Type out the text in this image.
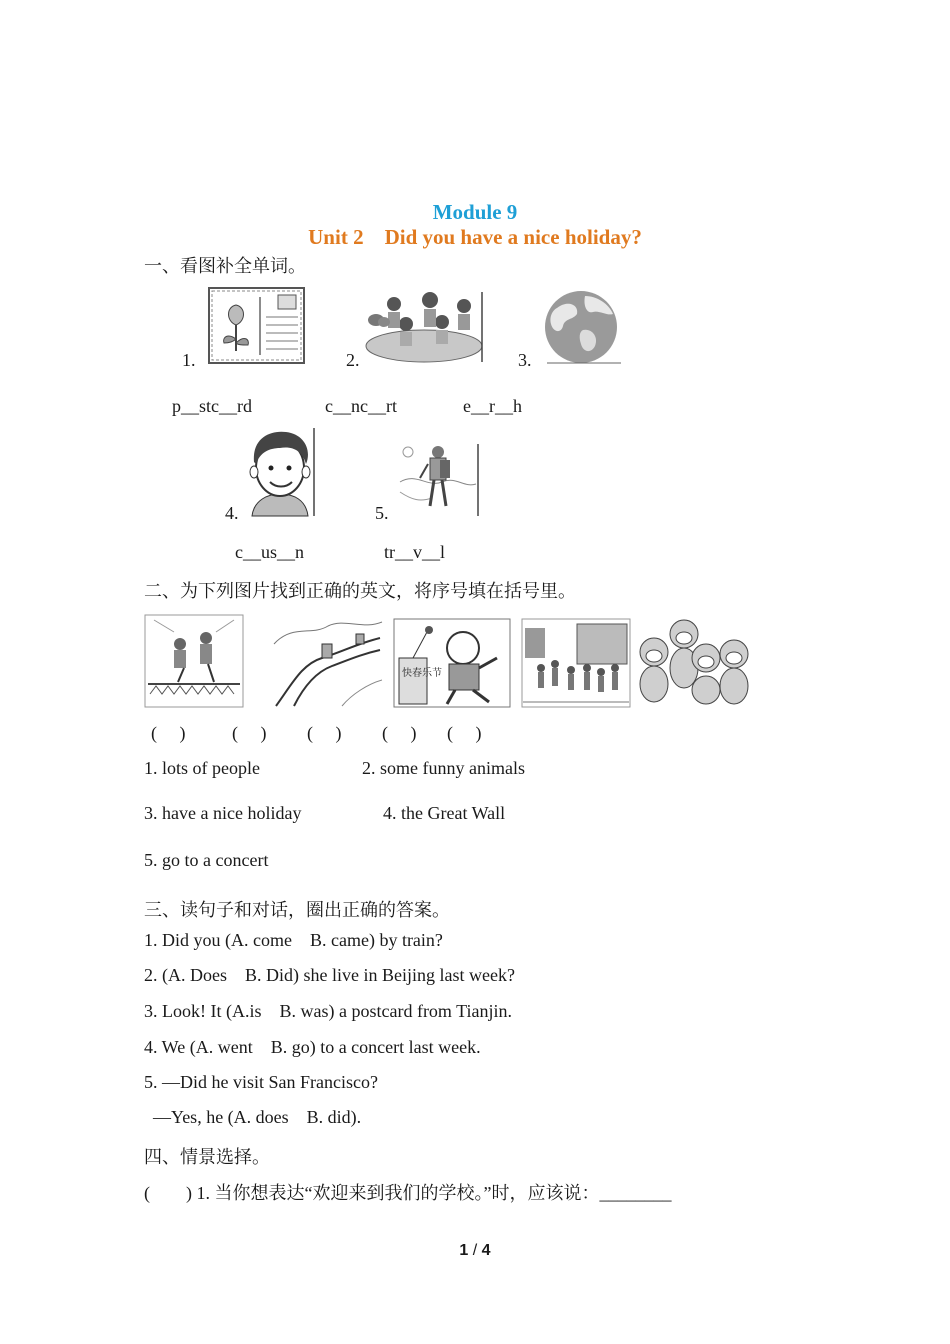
Module 9
Unit 2    Did you have a nice holiday?
一、看图补全单词。
1.	2.	3.
p__stc__rd	c__nc__rt	e__r__h
4.	5.
c__us__n	tr__v__l
二、为下列图片找到正确的英文，将序号填在括号里。
快春乐节
(     )	(     ) (     ) (     ) (     )
1. lots of people	2. some funny animals
3. have a nice holiday	4. the Great Wall
5. go to a concert
三、读句子和对话，圈出正确的答案。
1. Did you (A. come    B. came) by train?
2. (A. Does    B. Did) she live in Beijing last week?
3. Look! It (A.is    B. was) a postcard from Tianjin.
4. We (A. went    B. go) to a concert last week.
5. —Did he visit San Francisco?
—Yes, he (A. does    B. did).
四、情景选择。
(        ) 1. 当你想表达“欢迎来到我们的学校。”时，应该说：________
1 / 4
